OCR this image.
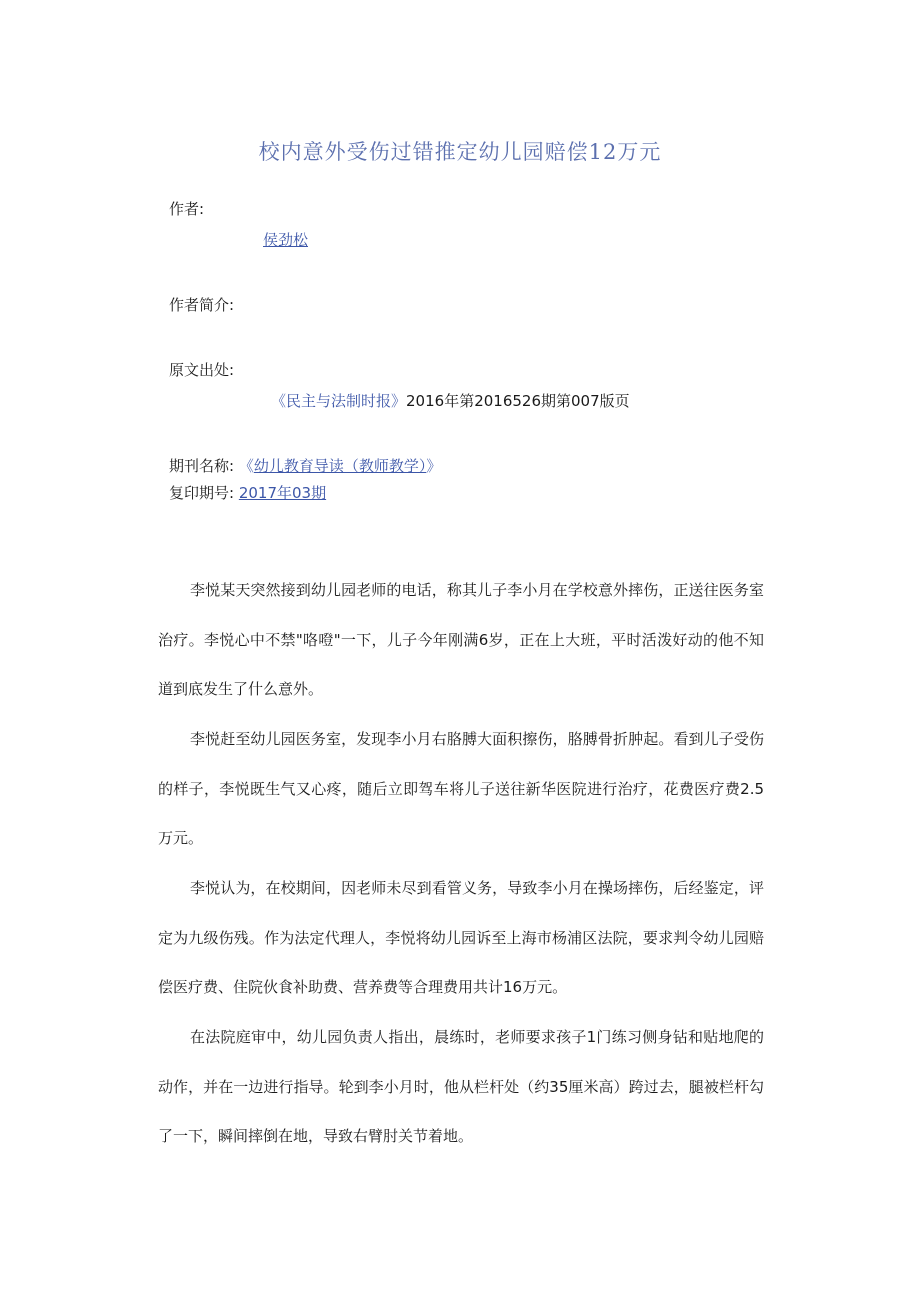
校内意外受伤过错推定幼儿园赔偿12万元
作者:
侯劲松
作者简介:
原文出处:
《民主与法制时报》2016年第2016526期第007版页
期刊名称: 《幼儿教育导读（教师教学）》
复印期号: 2017年03期

李悦某天突然接到幼儿园老师的电话，称其儿子李小月在学校意外摔伤，正送往医务室治疗。李悦心中不禁"咯噔"一下，儿子今年刚满6岁，正在上大班，平时活泼好动的他不知道到底发生了什么意外。

李悦赶至幼儿园医务室，发现李小月右胳膊大面积擦伤，胳膊骨折肿起。看到儿子受伤的样子，李悦既生气又心疼，随后立即驾车将儿子送往新华医院进行治疗，花费医疗费2.5万元。

李悦认为，在校期间，因老师未尽到看管义务，导致李小月在操场摔伤，后经鉴定，评定为九级伤残。作为法定代理人，李悦将幼儿园诉至上海市杨浦区法院，要求判令幼儿园赔偿医疗费、住院伙食补助费、营养费等合理费用共计16万元。

在法院庭审中，幼儿园负责人指出，晨练时，老师要求孩子1门练习侧身钻和贴地爬的动作，并在一边进行指导。轮到李小月时，他从栏杆处（约35厘米高）跨过去，腿被栏杆勾了一下，瞬间摔倒在地，导致右臂肘关节着地。
